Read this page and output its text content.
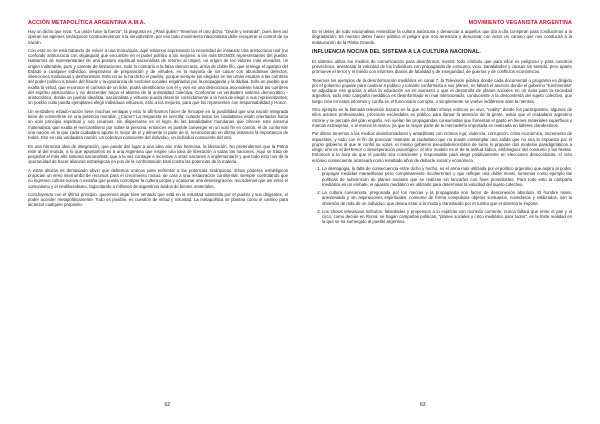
ACCIÓN METAPOLÍTICA ARGENTINA A.M.A.

Hay un dicho que reza: "La unión hace la fuerza", la pregunta es ¿Para quién? Tenemos el otro dicho: "Divide y reinarás", pues bien así operan los agentes sinárquicos conduciéndonos a la servidumbre; por eso todo movimiento nacionalista debe recuperar el control de su nación.

Con esto no se está tratando de volver a una monarquía, aquí estamos expresando la necesidad de instaurar una aristocracia real (no confundir aristocracia con oligarquía) que encumbre en el poder político a los mejores, a los más DIGNOS representantes del pueblo. Hablamos de representantes de una postura espiritual nacionalista de retorno al origen; un origen de los valores más elevados, un origen inalterable, puro y carente de limitaciones, todo lo contrario a la falsa democracia, arma de doble filo, que entrega el aparato del Estado a cualquier individuo, desprovisto de preparación y de virtudes, en la mayoría de los casos con abundantes defectos, intenciones maliciosas y deshonestas. Esto no se lo ha dicho el pueblo, porque siempre los elegidos en las urnas escalan a las cumbres del poder político a través del fraude y la ignorancia de sectores sociales engañados por la propaganda y la dádiva. Sólo un pueblo que exalta la virtud, que reconoce el carisma de un líder, podrá identificarse con él y vivir en una democracia ascendente hacia las cumbres del espíritu aristocrático y no descender hacia el abismo de la animalidad colectiva. Conformar un verdadero sistema democrático - aristocrático, donde un pueblo idealista, nacionalista y virtuoso pueda discernir correctamente a la hora de elegir a sus representantes; un pueblo culto pueda ejemplares elegir individuos virtuosos, esto a los mejores, para que los representen con responsabilidad y Honor.

Un verdadero estado-nación tiene muchas ventajas y esto lo afirmamos hacer de hincapié en la posibilidad que una nación integrada tiene de convertirse en una potencia mundial. ¿Cómo? La respuesta es sencilla; cuando todos los ciudadanos están orientados hacia un solo principio espiritual y nos creamos, sin dispersarse en el logro de las banalidades mundanas que ofrecen este sistema materialista, que exalta el mercantilismo por sobre la persona, entonces es posible converger en un solo fin en común, el de conformar una nación en la que cada ciudadano aporte lo mejor de sí y alimente lo pase de sí, reconociendo en última instancia la importancia de todos. Eso es una verdadera nación, un colectivo consciente del individuo, un individuo consciente del otro.

Es una hermosa idea de integración, que puede dar lugar a una idea aún más hermosa, la liberación. No pretendemos que la Patria esté al del mundo, a lo que apuntamos es a una Argentina que inspire una idea de liberación a todas las naciones. Aquí se trata de pergeñar el más alto sistema nacionalista, que a la vez contagie e incentive a otras naciones a implementarlo y que todo esto nos dé la oportunidad de hacer alianzas estratégicas en pos de la confrontación total contra las potencias de la materia.

A estas alturas es demasiado obvio que debemos unirnos para enfrentar a las potencias sinárquicas. Estos poderes estratégicos propician un serio interrumbo de recursos para el crecimiento mutuo, de cara a una restauración continental; siempre controlando que no ingresen cultura nociva o extraña que pueda corromper la cultura propia y ocasionar una desintegración; recordemos que así entró el comunismo y el neoliberalismo, fagocitando a millones de argentinos ávidos de bienes materiales.

Concluyendo con el último principio, queremos dejar bien sentado que está en la voluntad sostenida por el pueblo y sus dirigentes, el poder acceder metapolíticamente. Todo es posible, es cuestión de virtud y voluntad. La metapolítica se plantea como el camino para alcanzar cualquier propósito.

62
MOVIMIENTO VEGANISTA ARGENTINA

Es el deber de todo nacionalista reivindicar la cultura autóctona y denunciar a aquellos que día a día conspiran para conducirnos a la degradación. Es nuestro deber hacer público el peligro que nos amenaza y denunciar con actos un camino que nos conducirá a la restauración de la Patria Grande.

INFLUENCIA NOCIVA DEL SISTEMA A LA CULTURA NACIONAL.

El sistema utiliza los medios de comunicación para desinformar, invertir todo símbolo que para ellos es peligroso y para nosotros provechoso, anestesiar la voluntad de los individuos con propaganda de consumo, vicio, banalidades y causas sin sentido, pero aparte promueve el terror y el miedo con informes diarios de fatalidad y de inseguridad, de guerras y de conflictos económicos.

Tenemos los ejemplos de la desinformación mediática en canal 7, la Televisión pública donde cada documental o programa es dirigido por el gobierno popular para cautivar a público y tomarlo conformista a sus planes, no faltará el anuncio donde el gobierno "Kirchnerista" se adjudique ese gracias a ellos la educación va en aumento o que el desarrollo de planes sociales en un éxito para la sociedad argentina, todo esto campaña mediática es desinformado en mal intencionado, conduciente a la descontenta del sujeto colectivo, que luego crea en estos informes y confía en el funcionario corrupto, o simplemente se vuelve indiferente ante la mentira.

Otro ejemplo es la llamada televisión basura en la que no faltan shows eróticos en vivo, "reality" donde los participantes, algunos de ellos actores profesionales, provocan escándalos en público para llamar la atención de la gente, evitar que el ciudadano argentino razone y se percate del gran engaño. Así vuelan las propagandas consumistas que fomentan el gasto en bienes materiales superfluos y marcas extranjeras, o al menos la marca, ya que la mayor parte de la mercadería importada es realizada en talleres clandestinos.

Por último tenemos a los medios desinformadores y amarillistas con crónica roja, violencia, corrupción, crisis económica, incremento de impuestos, y todo con el fin de provocar malestar al ciudadano que no puede contemplar una salida que no sea la impuesta por el propio gobierno al que le confió su votos, el mismo gobierno pseudodemocrático de turno lo propone dos modelos paradigmáticos a elegir, uno es el del temor o desesperación psicológico: el otro modelo es el de la actitud lúdica, embriaguez del consumo y las fiestas. Entonces a la hora de que el pueblo sea consciente y responsable para elegir positivamente en elecciones democráticas, el voto erróneo consecuente acarreará como resultado años de debacle social y económica.

1. La demagogia, la falta de consecuencia entre dicho y hecho, es el arma más utilizada por el político argentino que aspira al poder, propagar medidas maravillosas pero completamente incoherentes y que reflejan una doble moral, tomemos como ejemplo las políticas de subvención de planes sociales que se realizan sin lanzarlos con fines proselitistas. Para todo esto la campaña mediática es un embate, el aparato mediático es utilizado para determinar la voluntad del sujeto colectivo.
2. La cultura consumista, pregonada por los mecías y la propaganda son factor de desconexión absoluta. El hombre mass, anestesiado y sin aspiraciones espirituales, consume de forma compulsiva objetos suntuarios, novedosos y estilizados, son la obsesión de más de un individuo, que desea estar a la moda y transitando por el rumbo que el sistema le impone.
3. Los shows televisivos ridículos, falsedades y propensos a lo explícito son moneda corriente, nunca faltará que entre el pan y el circo, como decían en Roma, se hagan campañas políticas, "planes sociales y circo mediático para todos", es la triste realidad en la que se ha sumergido al pueblo argentino.
63
